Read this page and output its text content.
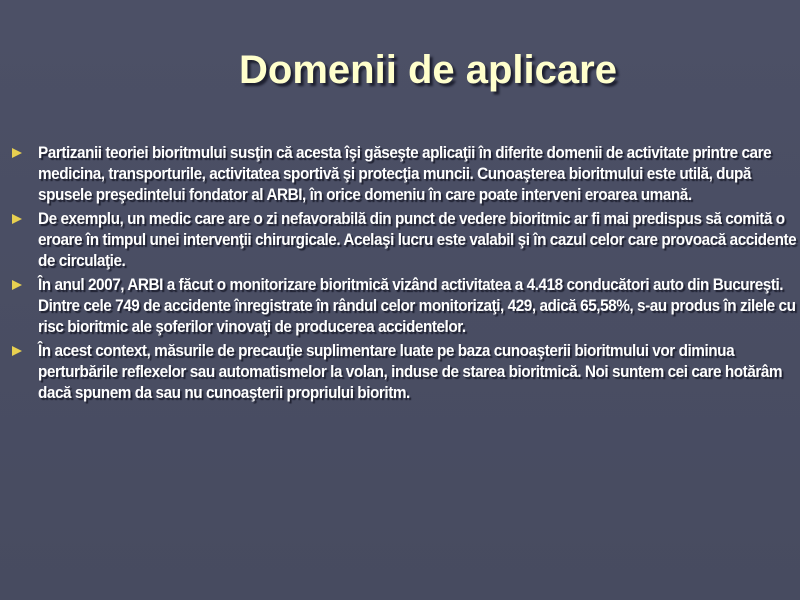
Domenii de aplicare
Partizanii teoriei bioritmului susţin că acesta îşi găseşte aplicaţii în diferite domenii de activitate printre care medicina, transporturile, activitatea sportivă şi protecţia muncii. Cunoaşterea bioritmului este utilă, după spusele preşedintelui fondator al ARBI, în orice domeniu în care poate interveni eroarea umană.
De exemplu, un medic care are o zi nefavorabilă din punct de vedere bioritmic ar fi mai predispus să comită o eroare în timpul unei intervenţii chirurgicale. Acelaşi lucru este valabil şi în cazul celor care provoacă accidente de circulaţie.
În anul 2007, ARBI a făcut o monitorizare bioritmică vizând activitatea a 4.418 conducători auto din Bucureşti. Dintre cele 749 de accidente înregistrate în rândul celor monitorizaţi, 429, adică 65,58%, s-au produs în zilele cu risc bioritmic ale şoferilor vinovaţi de producerea accidentelor.
În acest context, măsurile de precauţie suplimentare luate pe baza cunoaşterii bioritmului vor diminua perturbările reflexelor sau automatismelor la volan, induse de starea bioritmică. Noi suntem cei care hotărâm dacă spunem da sau nu cunoaşterii propriului bioritm.
